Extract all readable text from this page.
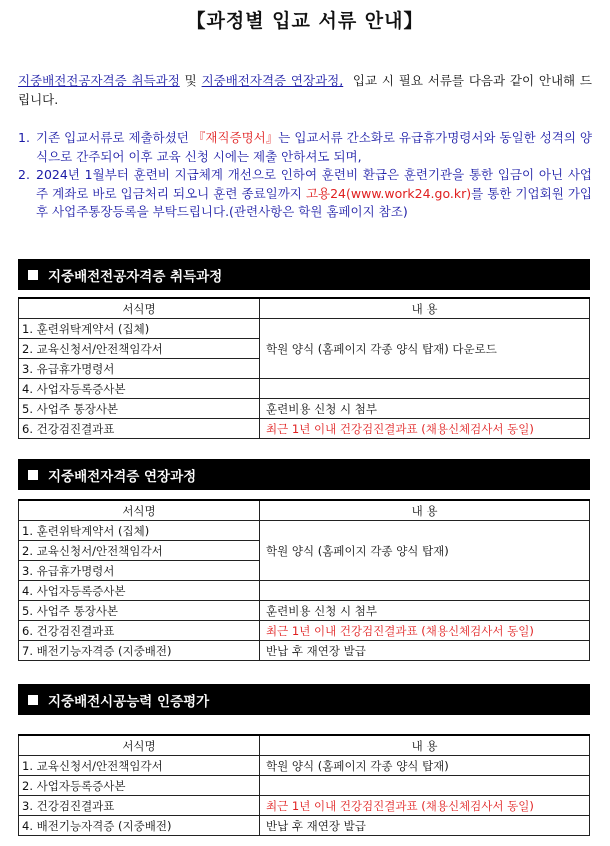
【과정별 입교 서류 안내】
지중배전전공자격증 취득과정 및 지중배전자격증 연장과정, 입교 시 필요 서류를 다음과 같이 안내해 드립니다.
1. 기존 입교서류로 제출하셨던 『재직증명서』는 입교서류 간소화로 유급휴가명령서와 동일한 성격의 양식으로 간주되어 이후 교육 신청 시에는 제출 안하셔도 되며,
2. 2024년 1월부터 훈련비 지급체계 개선으로 인하여 훈련비 환급은 훈련기관을 통한 입금이 아닌 사업주 계좌로 바로 입금처리 되오니 훈련 종료일까지 고용24(www.work24.go.kr)를 통한 기업회원 가입 후 사업주통장등록을 부탁드립니다.(관련사항은 학원 홈페이지 참조)
지중배전전공자격증 취득과정
서식명	내 용
1. 훈련위탁계약서 (집체)	학원 양식 (홈페이지 각종 양식 탑재) 다운로드
2. 교육신청서/안전책임각서	
3. 유급휴가명령서	
4. 사업자등록증사본	
5. 사업주 통장사본	훈련비용 신청 시 첨부
6. 건강검진결과표	최근 1년 이내 건강검진결과표 (채용신체검사서 동일)
지중배전자격증 연장과정
서식명	내 용
1. 훈련위탁계약서 (집체)	학원 양식 (홈페이지 각종 양식 탑재)
2. 교육신청서/안전책임각서	
3. 유급휴가명령서	
4. 사업자등록증사본	
5. 사업주 통장사본	훈련비용 신청 시 첨부
6. 건강검진결과표	최근 1년 이내 건강검진결과표 (채용신체검사서 동일)
7. 배전기능자격증 (지중배전)	반납 후 재연장 발급
지중배전시공능력 인증평가
서식명	내 용
1. 교육신청서/안전책임각서	학원 양식 (홈페이지 각종 양식 탑재)
2. 사업자등록증사본	
3. 건강검진결과표	최근 1년 이내 건강검진결과표 (채용신체검사서 동일)
4. 배전기능자격증 (지중배전)	반납 후 재연장 발급
